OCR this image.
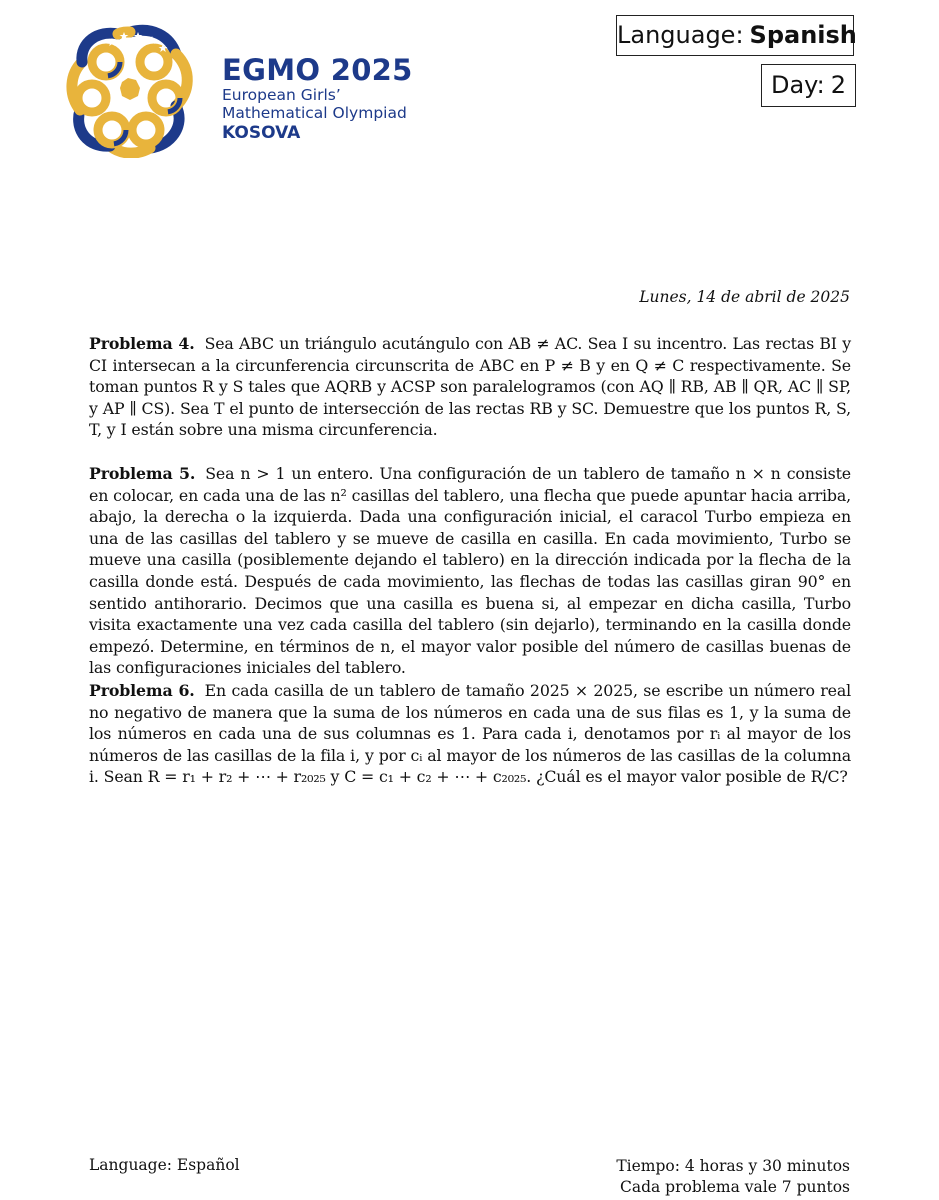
EGMO 2025
European Girls’
Mathematical Olympiad
KOSOVA
Language: Spanish
Day: 2
Lunes, 14 de abril de 2025
Problema 4. Sea ABC un triángulo acutángulo con AB ≠ AC. Sea I su incentro. Las rectas BI y CI intersecan a la circunferencia circunscrita de ABC en P ≠ B y en Q ≠ C respectivamente. Se toman puntos R y S tales que AQRB y ACSP son paralelogramos (con AQ ∥ RB, AB ∥ QR, AC ∥ SP, y AP ∥ CS). Sea T el punto de intersección de las rectas RB y SC. Demuestre que los puntos R, S, T, y I están sobre una misma circunferencia.
Problema 5. Sea n > 1 un entero. Una configuración de un tablero de tamaño n × n consiste en colocar, en cada una de las n² casillas del tablero, una flecha que puede apuntar hacia arriba, abajo, la derecha o la izquierda. Dada una configuración inicial, el caracol Turbo empieza en una de las casillas del tablero y se mueve de casilla en casilla. En cada movimiento, Turbo se mueve una casilla (posiblemente dejando el tablero) en la dirección indicada por la flecha de la casilla donde está. Después de cada movimiento, las flechas de todas las casillas giran 90° en sentido antihorario. Decimos que una casilla es buena si, al empezar en dicha casilla, Turbo visita exactamente una vez cada casilla del tablero (sin dejarlo), terminando en la casilla donde empezó. Determine, en términos de n, el mayor valor posible del número de casillas buenas de las configuraciones iniciales del tablero.
Problema 6. En cada casilla de un tablero de tamaño 2025 × 2025, se escribe un número real no negativo de manera que la suma de los números en cada una de sus filas es 1, y la suma de los números en cada una de sus columnas es 1. Para cada i, denotamos por rᵢ al mayor de los números de las casillas de la fila i, y por cᵢ al mayor de los números de las casillas de la columna i. Sean R = r₁ + r₂ + ⋯ + r₂₀₂₅ y C = c₁ + c₂ + ⋯ + c₂₀₂₅. ¿Cuál es el mayor valor posible de R/C?
Language: Español	Tiempo: 4 horas y 30 minutos
Cada problema vale 7 puntos
